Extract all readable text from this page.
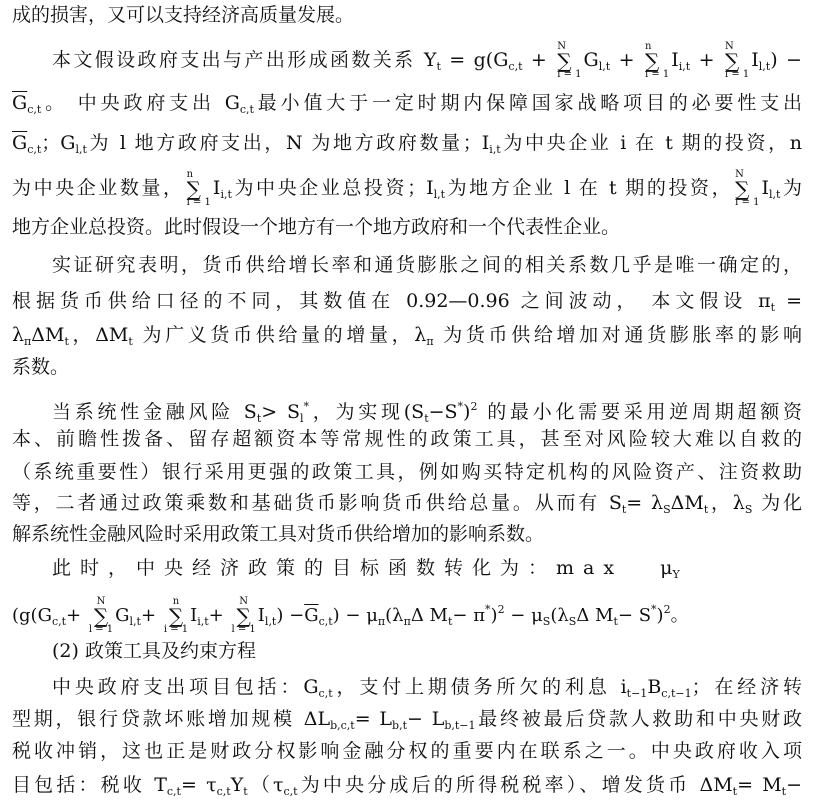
成的损害，又可以支持经济高质量发展。
本文假设政府支出与产出形成函数关系 $Y_t = g(G_{c,t}$ +
N
∑
l = 1
$G_{l,t}$ +
n
∑
i = 1
$I_{i,t}$ +
N
∑
l = 1
$I_{l,t}$) −
$\overline{G}_{c,t}$。 中央政府支出 $G_{c,t}$最小值大于一定时期内保障国家战略项目的必要性支出
$\overline{G}_{c,t}$；$G_{l,t}$为 l 地方政府支出，N 为地方政府数量；$I_{i,t}$为中央企业 i 在 t 期的投资，n
为中央企业数量，
n
∑
i = 1
$I_{i,t}$为中央企业总投资；$I_{l,t}$为地方企业 l 在 t 期的投资，
N
∑
l = 1
$I_{l,t}$为
地方企业总投资。此时假设一个地方有一个地方政府和一个代表性企业。
实证研究表明，货币供给增长率和通货膨胀之间的相关系数几乎是唯一确定的，
根据货币供给口径的不同，其数值在 0.92—0.96 之间波动， 本文假设 $\pi_t$ =
$\lambda_\pi\Delta M_t$，$\Delta M_t$ 为广义货币供给量的增量，$\lambda_\pi$ 为货币供给增加对通货膨胀率的影响
系数。
当系统性金融风险 $S_t> S_l^*$，为实现$(S_t-S^*)^2$ 的最小化需要采用逆周期超额资
本、前瞻性拨备、留存超额资本等常规性的政策工具，甚至对风险较大难以自救的
（系统重要性）银行采用更强的政策工具，例如购买特定机构的风险资产、注资救助
等，二者通过政策乘数和基础货币影响货币供给总量。从而有 $S_t= \lambda_S\Delta M_t$，$\lambda_S$ 为化
解系统性金融风险时采用政策工具对货币供给增加的影响系数。
此时，中央经济政策的目标函数转化为：$\max \mu_Y$
($g(G_{c,t}+$
N
∑
l = 1
$G_{l,t}+$
n
∑
i = 1
$I_{i,t}+$
N
∑
l = 1
$I_{l,t}) -\overline{G}_{c,t}) - \mu_\pi(\lambda_\pi\Delta$ $M_t- \pi^*)^2 - \mu_S(\lambda_S\Delta$ $M_t- S^*)^2$。
(2) 政策工具及约束方程
中央政府支出项目包括：$G_{c,t}$，支付上期债务所欠的利息 $i_{t-1}B_{c,t-1}$；在经济转
型期，银行贷款坏账增加规模 $\Delta L_{b,c,t}= L_{b,t}- L_{b,t-1}$最终被最后贷款人救助和中央财政
税收冲销，这也正是财政分权影响金融分权的重要内在联系之一。中央政府收入项
目包括：税收 $T_{c,t}= \tau_{c,t}Y_t(\tau_{c,t}$为中央分成后的所得税税率）、增发货币 $\Delta M_t= M_t-$
